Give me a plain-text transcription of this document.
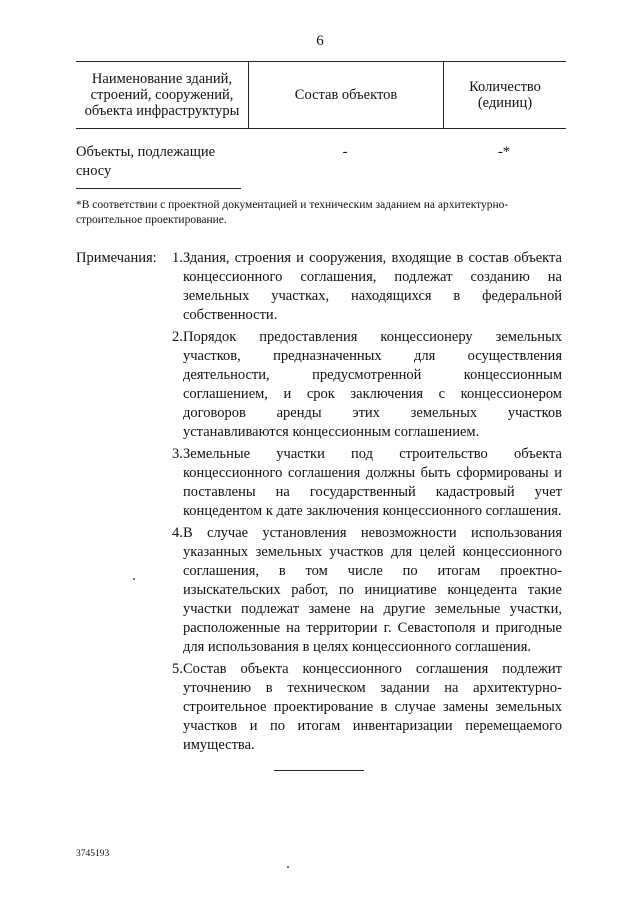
6
Наименование зданий, строений, сооружений, объекта инфраструктуры
Состав объектов	Количество (единиц)
Объекты, подлежащие сносу
-	-*
*В соответствии с проектной документацией и техническим заданием на архитектурно-строительное проектирование.
Примечания: 1. Здания, строения и сооружения, входящие в состав объекта концессионного соглашения, подлежат созданию на земельных участках, находящихся в федеральной собственности.
2. Порядок предоставления концессионеру земельных участков, предназначенных для осуществления деятельности, предусмотренной концессионным соглашением, и срок заключения с концессионером договоров аренды этих земельных участков устанавливаются концессионным соглашением.
3. Земельные участки под строительство объекта концессионного соглашения должны быть сформированы и поставлены на государственный кадастровый учет концедентом к дате заключения концессионного соглашения.
4. В случае установления невозможности использования указанных земельных участков для целей концессионного соглашения, в том числе по итогам проектно-изыскательских работ, по инициативе концедента такие участки подлежат замене на другие земельные участки, расположенные на территории г. Севастополя и пригодные для использования в целях концессионного соглашения.
5. Состав объекта концессионного соглашения подлежит уточнению в техническом задании на архитектурно-строительное проектирование в случае замены земельных участков и по итогам инвентаризации перемещаемого имущества.
3745193
